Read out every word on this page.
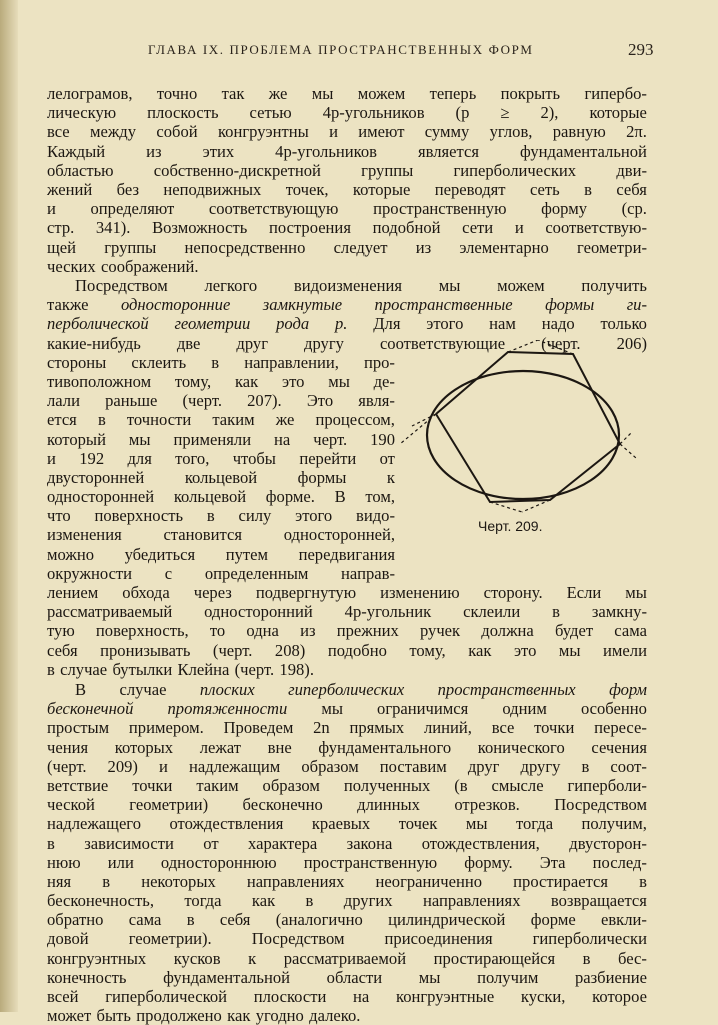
ГЛАВА IX. ПРОБЛЕМА ПРОСТРАНСТВЕННЫХ ФОРМ	293
лелограмов, точно так же мы можем теперь покрыть гипербо-
лическую плоскость сетью 4p-угольников (p ≥ 2), которые
все между собой конгруэнтны и имеют сумму углов, равную 2π.
Каждый из этих 4p-угольников является фундаментальной
областью собственно-дискретной группы гиперболических дви-
жений без неподвижных точек, которые переводят сеть в себя
и определяют соответствующую пространственную форму (ср.
стр. 341). Возможность построения подобной сети и соответствую-
щей группы непосредственно следует из элементарно геометри-
ческих соображений.
Посредством легкого видоизменения мы можем получить
также односторонние замкнутые пространственные формы ги-
перболической геометрии рода p. Для этого нам надо только
какие-нибудь две друг другу соответствующие (черт. 206)
стороны склеить в направлении, про-
тивоположном тому, как это мы де-
лали раньше (черт. 207). Это явля-
ется в точности таким же процессом,
который мы применяли на черт. 190
и 192 для того, чтобы перейти от
двусторонней кольцевой формы к
односторонней кольцевой форме. В том,
что поверхность в силу этого видо-
изменения	становится	односторонней,
можно убедиться путем передвигания
окружности с определенным направ-
лением обхода через подвергнутую изменению сторону. Если мы
рассматриваемый односторонний 4p-угольник склеили в замкну-
тую поверхность, то одна из прежних ручек должна будет сама
себя пронизывать (черт. 208) подобно тому, как это мы имели
в случае бутылки Клейна (черт. 198).
В случае плоских гиперболических пространственных форм
бесконечной протяженности мы ограничимся одним особенно
простым примером. Проведем 2n прямых линий, все точки пересе-
чения которых лежат вне фундаментального конического сечения
(черт. 209) и надлежащим образом поставим друг другу в соот-
ветствие точки таким образом полученных (в смысле гиперболи-
ческой геометрии) бесконечно длинных отрезков. Посредством
надлежащего отождествления краевых точек мы тогда получим,
в зависимости от характера закона отождествления, двусторон-
нюю или одностороннюю пространственную форму. Эта послед-
няя в некоторых направлениях неограниченно простирается в
бесконечность, тогда как в других направлениях возвращается
обратно сама в себя (аналогично цилиндрической форме евкли-
довой геометрии). Посредством присоединения гиперболически
конгруэнтных кусков к рассматриваемой простирающейся в бес-
конечность фундаментальной области мы получим разбиение
всей гиперболической плоскости на конгруэнтные куски, которое
может быть продолжено как угодно далеко.
Черт. 209.
